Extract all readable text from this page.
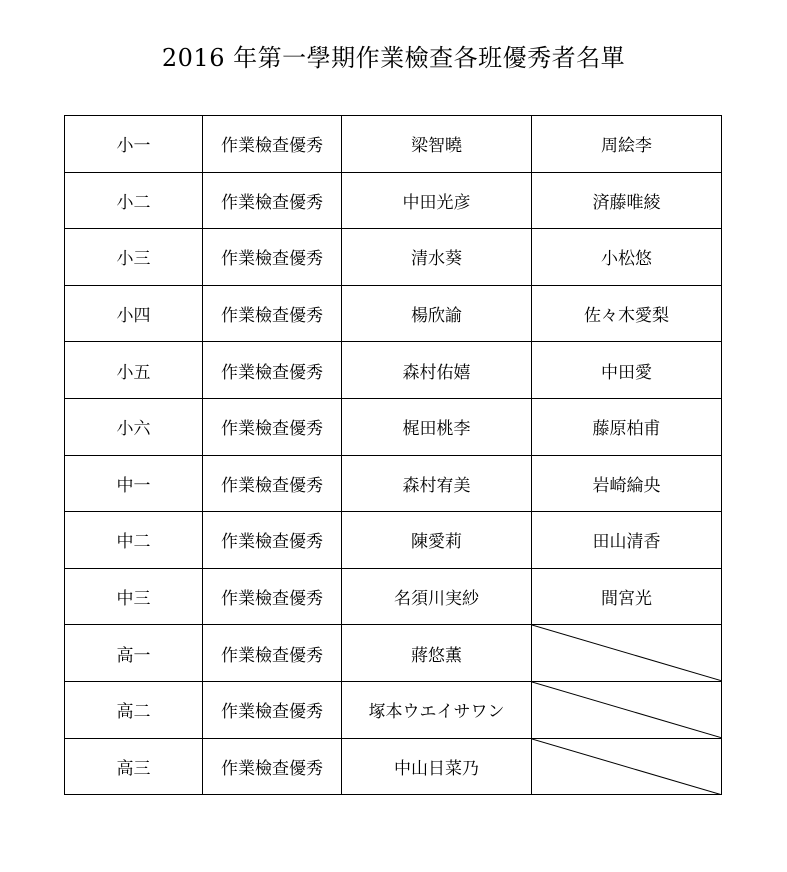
2016 年第一學期作業檢查各班優秀者名單
小一	作業檢查優秀	梁智曉	周絵李
小二	作業檢查優秀	中田光彦	済藤唯綾
小三	作業檢查優秀	清水葵	小松悠
小四	作業檢查優秀	楊欣諭	佐々木愛梨
小五	作業檢查優秀	森村佑嬉	中田愛
小六	作業檢查優秀	梶田桃李	藤原柏甫
中一	作業檢查優秀	森村宥美	岩崎綸央
中二	作業檢查優秀	陳愛莉	田山清香
中三	作業檢查優秀	名須川実紗	間宮光
高一	作業檢查優秀	蔣悠薫	

高二	作業檢查優秀	塚本ウエイサワン	

高三	作業檢查優秀	中山日菜乃	
